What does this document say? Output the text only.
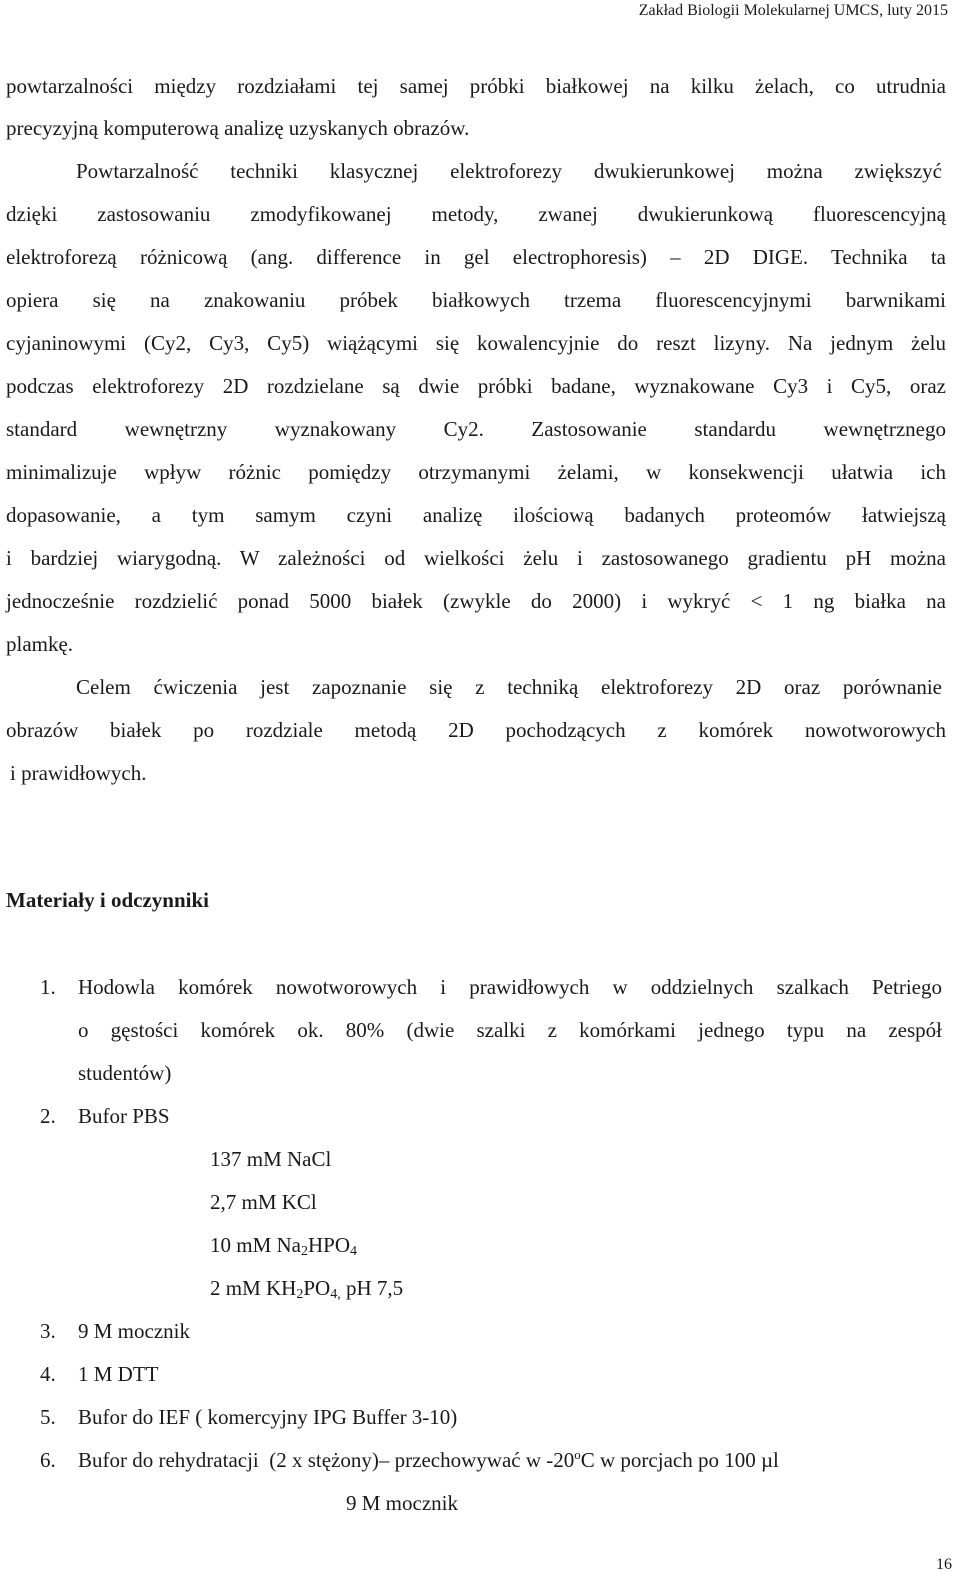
Zakład Biologii Molekularnej UMCS, luty 2015
powtarzalności między rozdziałami tej samej próbki białkowej na kilku żelach, co utrudnia
precyzyjną komputerową analizę uzyskanych obrazów.
Powtarzalność techniki klasycznej elektroforezy dwukierunkowej można zwiększyć
dzięki zastosowaniu zmodyfikowanej metody, zwanej dwukierunkową fluorescencyjną
elektroforezą różnicową (ang. difference in gel electrophoresis) – 2D DIGE. Technika ta
opiera się na znakowaniu próbek białkowych trzema fluorescencyjnymi barwnikami
cyjaninowymi (Cy2, Cy3, Cy5) wiążącymi się kowalencyjnie do reszt lizyny. Na jednym żelu
podczas elektroforezy 2D rozdzielane są dwie próbki badane, wyznakowane Cy3 i Cy5, oraz
standard wewnętrzny wyznakowany Cy2. Zastosowanie standardu wewnętrznego
minimalizuje wpływ różnic pomiędzy otrzymanymi żelami, w konsekwencji ułatwia ich
dopasowanie, a tym samym czyni analizę ilościową badanych proteomów łatwiejszą
i bardziej wiarygodną. W zależności od wielkości żelu i zastosowanego gradientu pH można
jednocześnie rozdzielić ponad 5000 białek (zwykle do 2000) i wykryć < 1 ng białka na
plamkę.
Celem ćwiczenia jest zapoznanie się z techniką elektroforezy 2D oraz porównanie
obrazów białek po rozdziale metodą 2D pochodzących z komórek nowotworowych
i prawidłowych.
Materiały i odczynniki
1.	Hodowla komórek nowotworowych i prawidłowych w oddzielnych szalkach Petriego
o gęstości komórek ok. 80% (dwie szalki z komórkami jednego typu na zespół
studentów)
2.	Bufor PBS
137 mM NaCl
2,7 mM KCl
10 mM $Na_2HPO_4$
2 mM $KH_2PO_{4,}$ pH 7,5
3.	9 M mocznik
4.	1 M DTT
5.	Bufor do IEF ( komercyjny IPG Buffer 3-10)
6.	Bufor do rehydratacji  (2 x stężony)– przechowywać w -20$^o$C w porcjach po 100 µl
9 M mocznik
16
